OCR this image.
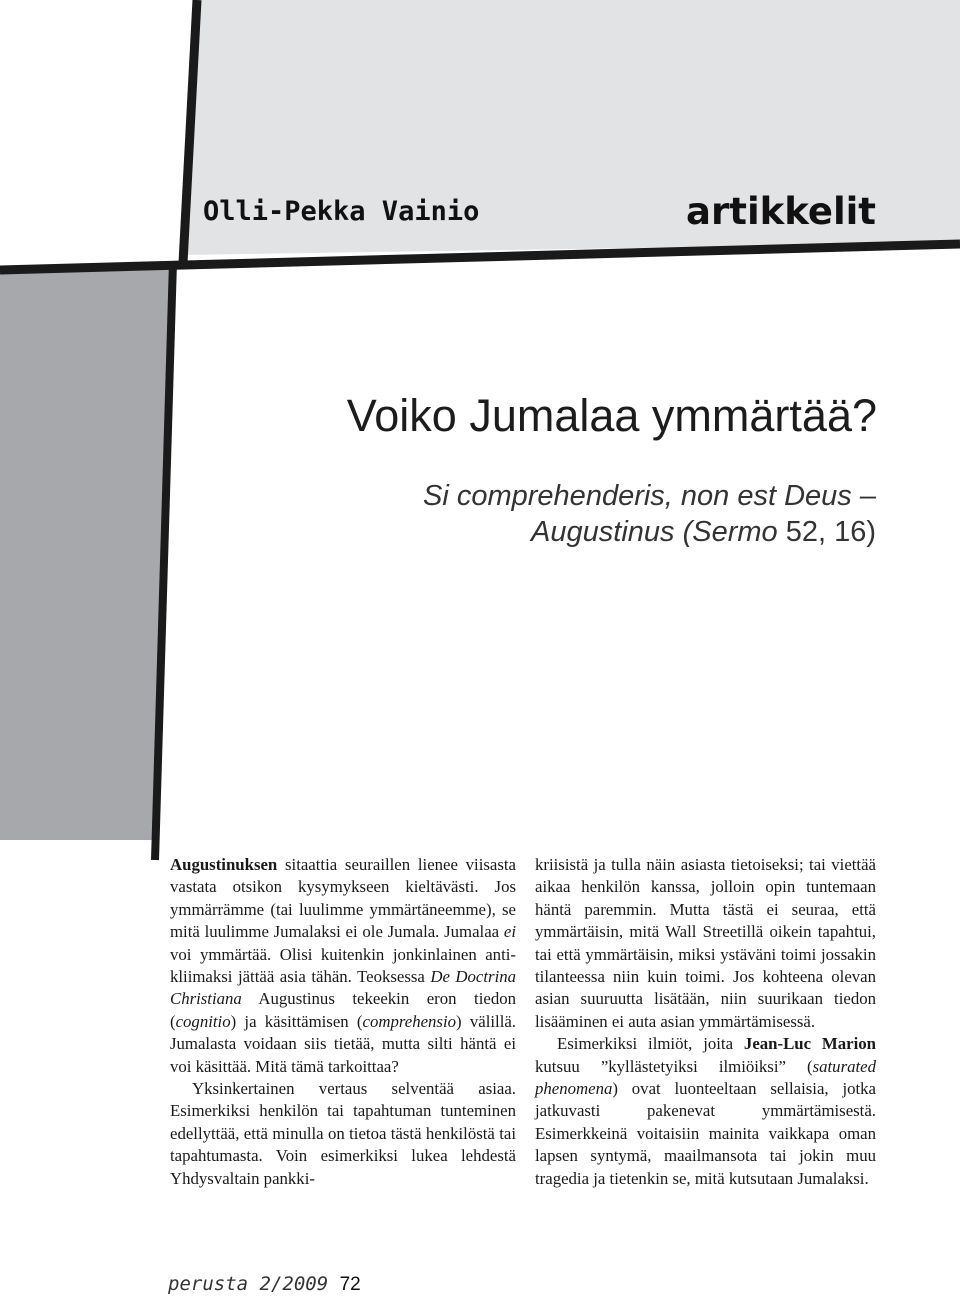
Olli-Pekka Vainio	artikkelit
Voiko Jumalaa ymmärtää?
Si comprehenderis, non est Deus –
Augustinus (Sermo 52, 16)

Augustinuksen sitaattia seuraillen lienee viisasta vastata otsikon kysymykseen kieltävästi. Jos ymmärrämme (tai luulimme ymmärtäneemme), se mitä luulimme Jumalaksi ei ole Jumala. Jumalaa ei voi ymmärtää. Olisi kuitenkin jonkinlainen antikliimaksi jättää asia tähän. Teoksessa De Doctrina Christiana Augustinus tekeekin eron tiedon (cognitio) ja käsittämisen (comprehensio) välillä. Jumalasta voidaan siis tietää, mutta silti häntä ei voi käsittää. Mitä tämä tarkoittaa?

Yksinkertainen vertaus selventää asiaa. Esimerkiksi henkilön tai tapahtuman tunteminen edellyttää, että minulla on tietoa tästä henkilöstä tai tapahtumasta. Voin esimerkiksi lukea lehdestä Yhdysvaltain pankki-

kriisistä ja tulla näin asiasta tietoiseksi; tai viettää aikaa henkilön kanssa, jolloin opin tuntemaan häntä paremmin. Mutta tästä ei seuraa, että ymmärtäisin, mitä Wall Streetillä oikein tapahtui, tai että ymmärtäisin, miksi ystäväni toimi jossakin tilanteessa niin kuin toimi. Jos kohteena olevan asian suuruutta lisätään, niin suurikaan tiedon lisääminen ei auta asian ymmärtämisessä.

Esimerkiksi ilmiöt, joita Jean-Luc Marion kutsuu ”kyllästetyiksi ilmiöiksi” (saturated phenomena) ovat luonteeltaan sellaisia, jotka jatkuvasti pakenevat ymmärtämisestä. Esimerkkeinä voitaisiin mainita vaikkapa oman lapsen syntymä, maailmansota tai jokin muu tragedia ja tietenkin se, mitä kutsutaan Jumalaksi.

perusta 2/2009 72
